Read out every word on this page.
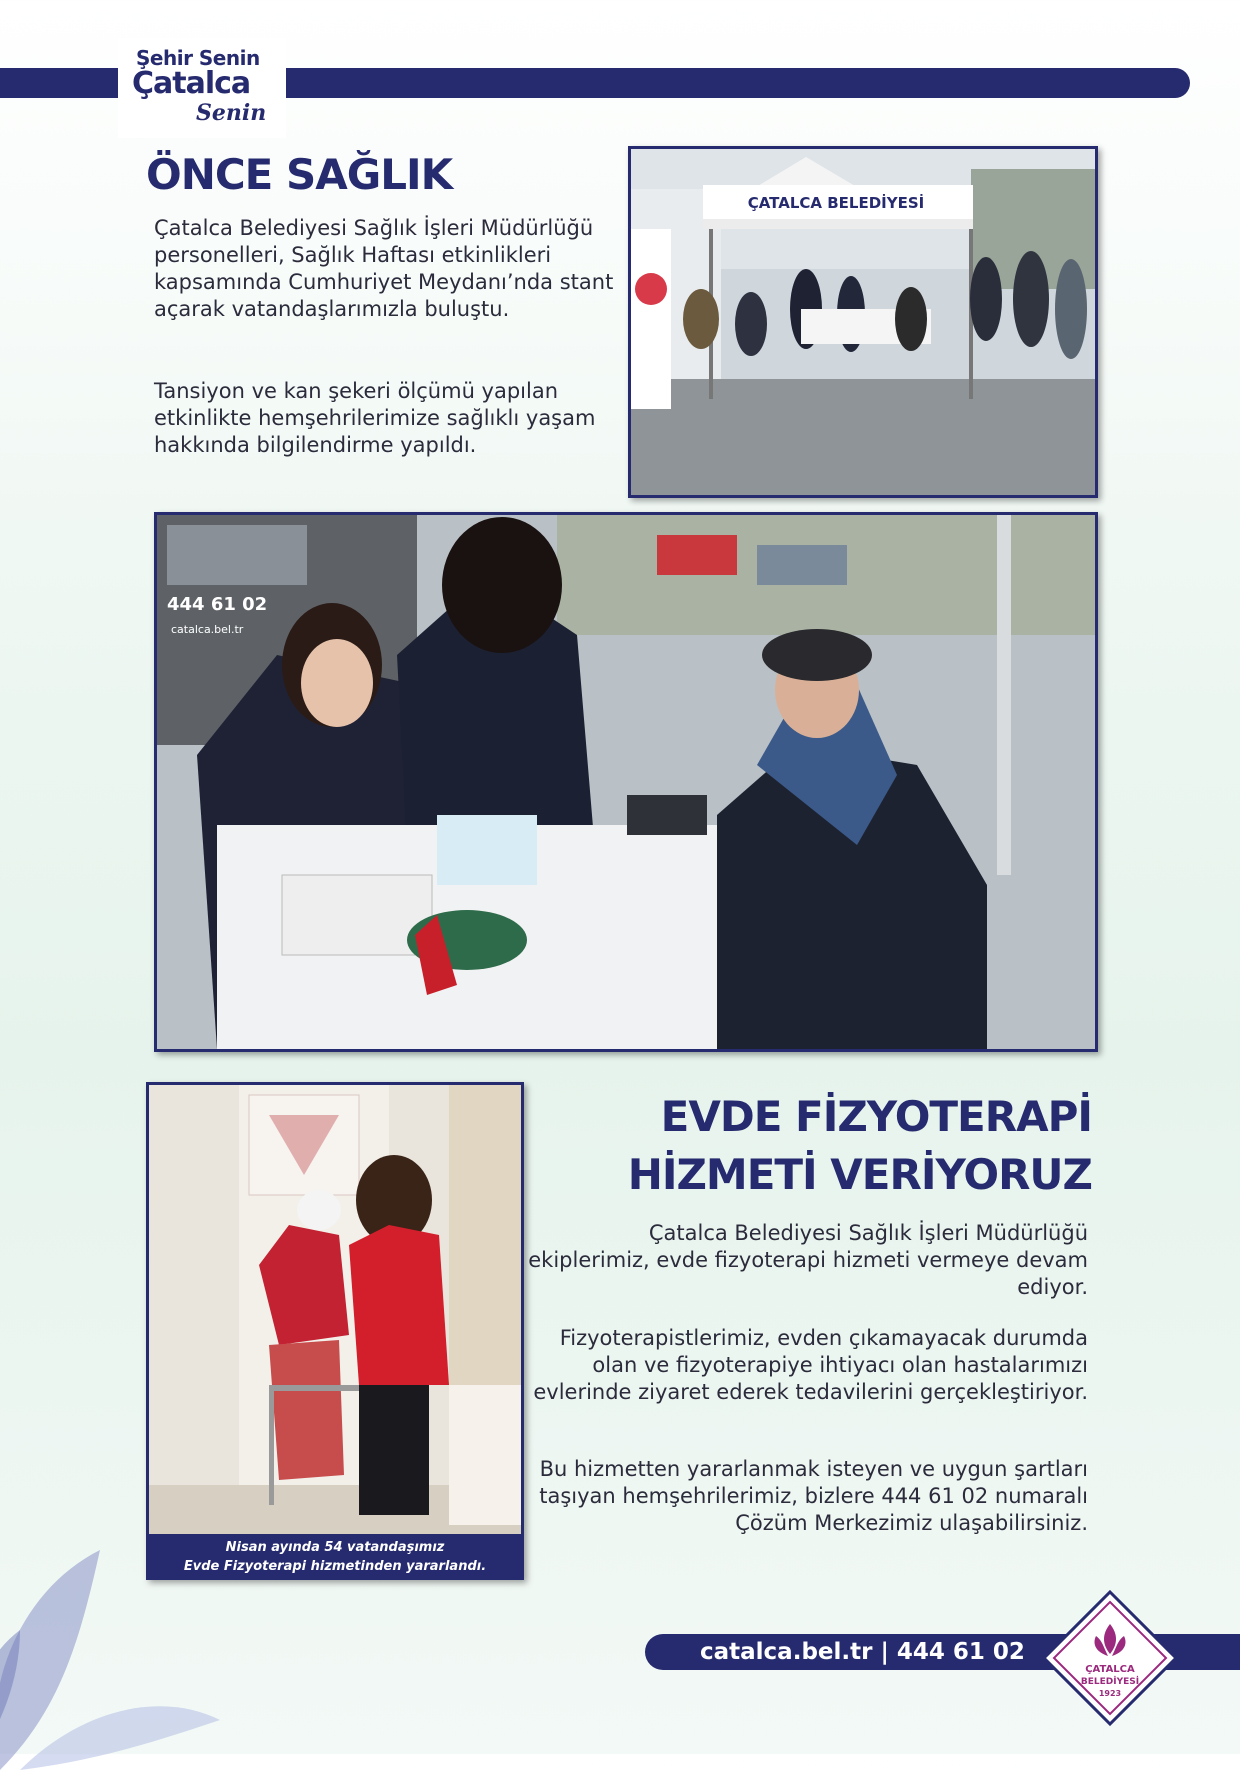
Şehir Senin
Çatalca
Senin
ÖNCE SAĞLIK

Çatalca Belediyesi Sağlık İşleri Müdürlüğü personelleri, Sağlık Haftası etkinlikleri kapsamında Cumhuriyet Meydanı’nda stant açarak vatandaşlarımızla buluştu.

Tansiyon ve kan şekeri ölçümü yapılan etkinlikte hemşehrilerimize sağlıklı yaşam hakkında bilgilendirme yapıldı.

ÇATALCA BELEDİYESİ
444 61 02
catalca.bel.tr
EVDE FİZYOTERAPİ
HİZMETİ VERİYORUZ

Çatalca Belediyesi Sağlık İşleri Müdürlüğü ekiplerimiz, evde fizyoterapi hizmeti vermeye devam ediyor.

Fizyoterapistlerimiz, evden çıkamayacak durumda olan ve fizyoterapiye ihtiyacı olan hastalarımızı evlerinde ziyaret ederek tedavilerini gerçekleştiriyor.

Bu hizmetten yararlanmak isteyen ve uygun şartları taşıyan hemşehrilerimiz, bizlere 444 61 02 numaralı Çözüm Merkezimiz ulaşabilirsiniz.

Nisan ayında 54 vatandaşımız
Evde Fizyoterapi hizmetinden yararlandı.
catalca.bel.tr | 444 61 02
ÇATALCA
BELEDİYESİ
1923
